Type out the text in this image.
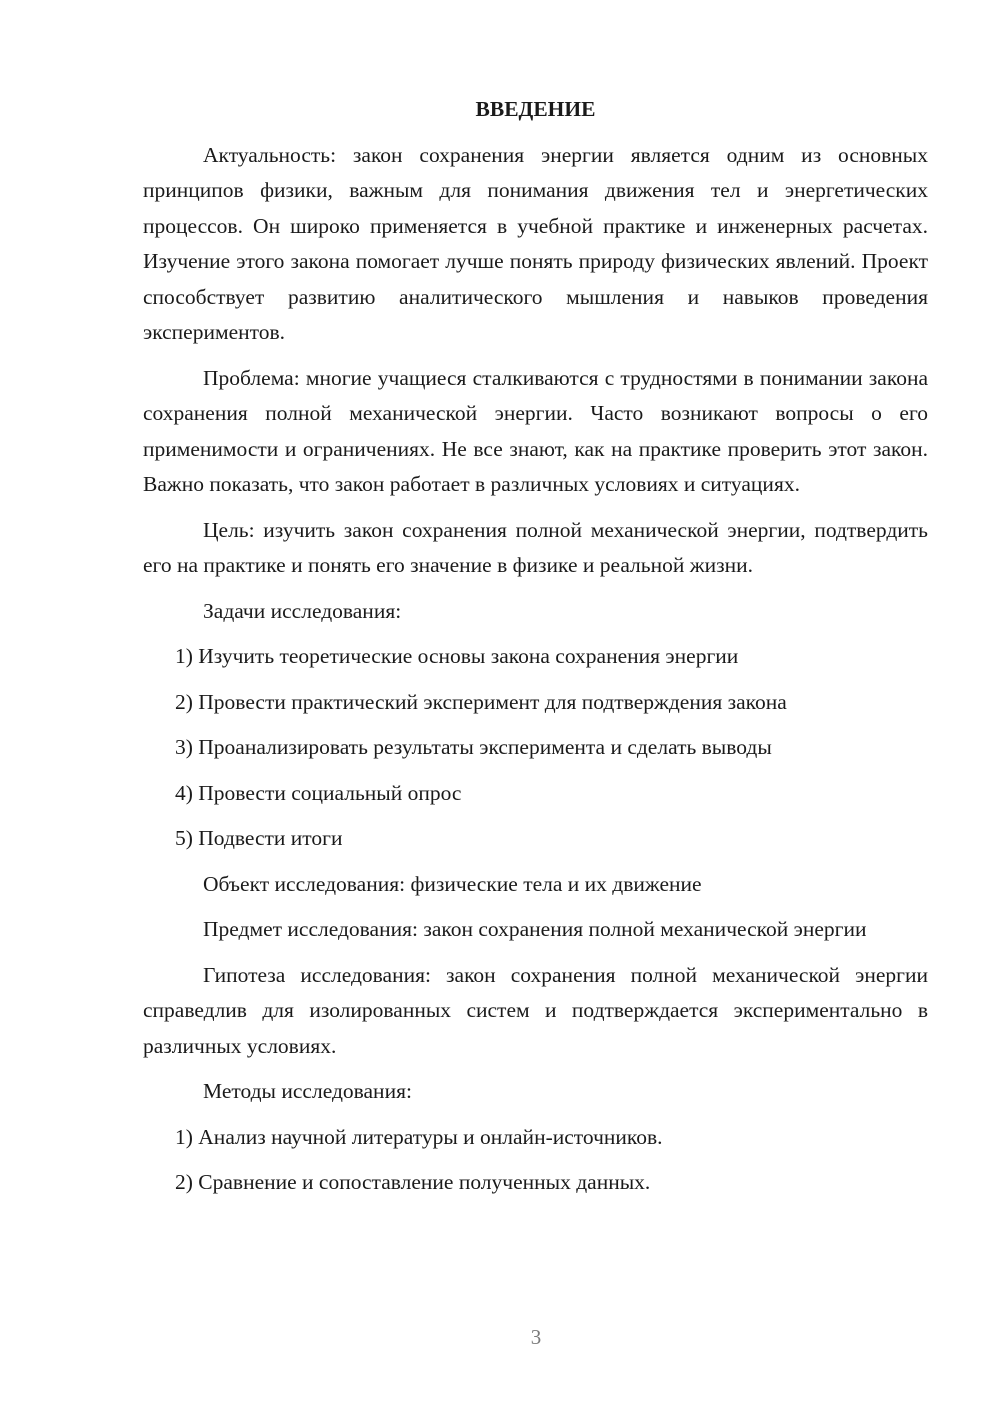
ВВЕДЕНИЕ

Актуальность: закон сохранения энергии является одним из основных принципов физики, важным для понимания движения тел и энергетических процессов. Он широко применяется в учебной практике и инженерных расчетах. Изучение этого закона помогает лучше понять природу физических явлений. Проект способствует развитию аналитического мышления и навыков проведения экспериментов.

Проблема: многие учащиеся сталкиваются с трудностями в понимании закона сохранения полной механической энергии. Часто возникают вопросы о его применимости и ограничениях. Не все знают, как на практике проверить этот закон. Важно показать, что закон работает в различных условиях и ситуациях.

Цель: изучить закон сохранения полной механической энергии, подтвердить его на практике и понять его значение в физике и реальной жизни.

Задачи исследования:
1) Изучить теоретические основы закона сохранения энергии
2) Провести практический эксперимент для подтверждения закона
3) Проанализировать результаты эксперимента и сделать выводы
4) Провести социальный опрос
5) Подвести итоги
Объект исследования: физические тела и их движение

Предмет исследования: закон сохранения полной механической энергии

Гипотеза исследования: закон сохранения полной механической энергии справедлив для изолированных систем и подтверждается экспериментально в различных условиях.

Методы исследования:
1) Анализ научной литературы и онлайн-источников.
2) Сравнение и сопоставление полученных данных.
3
